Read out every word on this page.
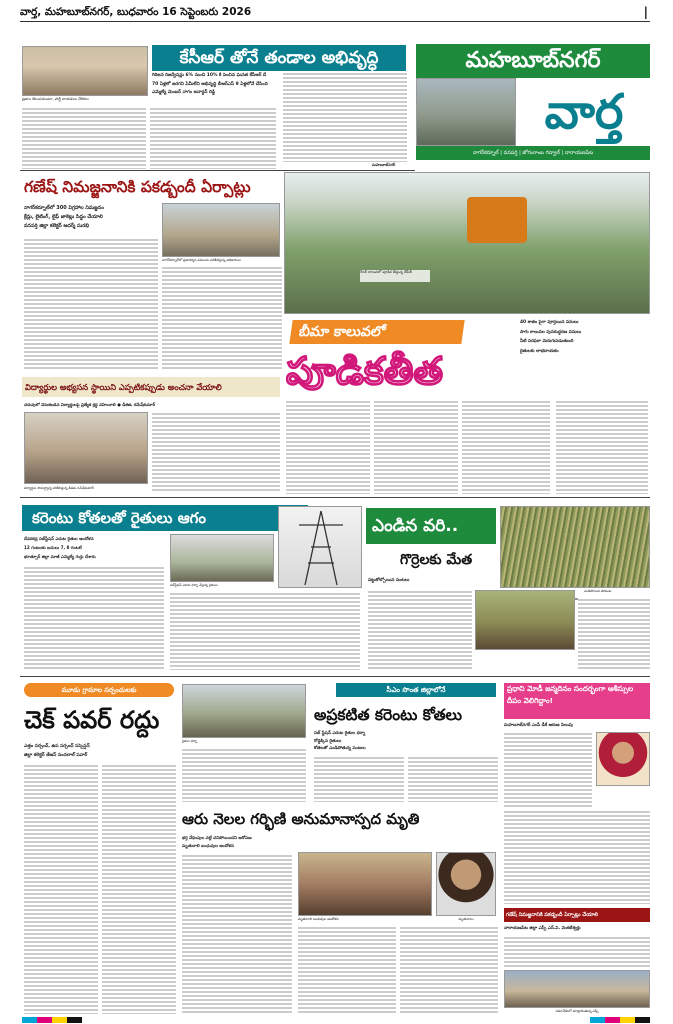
వార్త, మహబూబ్‌నగర్, బుధవారం 16 సెప్టెంబరు 2026	|
ప్రజలు తెలుసుకుంటూ, పార్టీ నాయకులు చేరికలు
కేసీఆర్ తోనే తండాల అభివృద్ధి
గిరిజన రిజర్వేషన్లు 6% నుంచి 10% కి పెంచిన ఘనత కేసీఆర్ దే
70 ఏళ్లలో జరగని ఏమీలేని అభివృద్ధి బీఆర్ఎస్ 9 ఏళ్లలోనే చేసింది
ఎమ్మెల్యే మెంబర్ నాగం జనార్దన్ రెడ్డి
మహబూబ్‌నగర్
మహబూబ్‌నగర్
వార్త
నాగర్‌కర్నూల్ | వనపర్తి | జోగులాంబ గద్వాల్ | నారాయణపేట
గణేష్ నిమజ్జనానికి పకడ్బందీ ఏర్పాట్లు
నాగర్‌కర్నూల్‌లో 300 విగ్రహాల నిమజ్జనం
క్రేన్లు, లైటింగ్, లైఫ్ జాకెట్లు సిద్ధం చేయాలి
వనపర్తి జిల్లా కలెక్టర్ ఆదర్శ్ సురభి
నాగర్‌కర్నూల్‌లో ప్రజాదర్శన పనులను పరిశీలిస్తున్న అధికారులు
గేటర్ కాలువలో పూడిక తీస్తున్న జేసీబీ
బీమా కాలువలో
పూడికతీత
40 శాతం పైగా పూర్తయిన పనులు
సాగు కాలువల పునరుద్ధరణ పనులు
నీటి సరఫరా మెరుగుపడుతుంది
రైతులకు లాభదాయకం
విద్యార్థుల అభ్యసన స్థాయిని ఎప్పటికప్పుడు అంచనా వేయాలి
చదువులో వెనుకబడిన విద్యార్థులపై ప్రత్యేక శ్రద్ధ వహించాలి ● డీఈఓ రమేష్‌కుమార్
విద్యార్థుల సామర్థ్యాన్ని పరిశీలిస్తున్న డీఈఓ రమేష్‌కుమార్
కరెంటు కోతలతో రైతులు ఆగం
దేవరకద్ర సబ్‌స్టేషన్ ఎదుట రైతుల ఆందోళన
12 గంటలకు బదులు 7, 8 గంటలే
భూత్పూర్ జిల్లా మాజీ ఎమ్మెల్యే గుర్తు చేశారు
సబ్‌స్టేషన్ ఎదుట ధర్నా చేస్తున్న రైతులు
ఎండిన వరి..
గొర్రెలకు మేత
ఎండిపోయిన వరిపంట
పట్టుకోల్పోయిన పంటలు
మూడు గ్రామాల సర్పంచులకు
చెక్ పవర్ రద్దు
ఎత్తం సర్పంచ్, ఉప సర్పంచ్ సస్పెన్షన్
జిల్లా కలెక్టర్ తేజస్ నందలాల్ పవార్
రైతుల ధర్నా
సీఎం సొంత జిల్లాలోనే
అప్రకటిత కరెంటు కోతలు
సబ్ స్టేషన్ ఎదుట రైతుల ధర్నా
రోడ్డెక్కిన రైతులు
కోతలతో ఎండిపోతున్న పంటలు
ఆరు నెలల గర్భిణి అనుమానాస్పద మృతి
భర్త వేధింపుల వల్లే చనిపోయిందని ఆరోపణ
మృతురాలి బంధువుల ఆందోళన
మృతురాలి బంధువుల ఆందోళన	మృతురాలు
ప్రధాని మోడీ జన్మదినం సందర్భంగా ఆశీస్సుల దీపం వెలిగిద్దాం!
మహబూబ్‌నగర్ ఎంపీ డీకే అరుణ పిలుపు
గణేష్ నిమజ్జనానికి పకడ్బందీ ఏర్పాట్లు చేయాలి
నారాయణపేట జిల్లా ఎస్పీ ఎన్.వి. వెంకటేశ్వర్లు
సమావేశంలో మాట్లాడుతున్న ఎస్పీ
